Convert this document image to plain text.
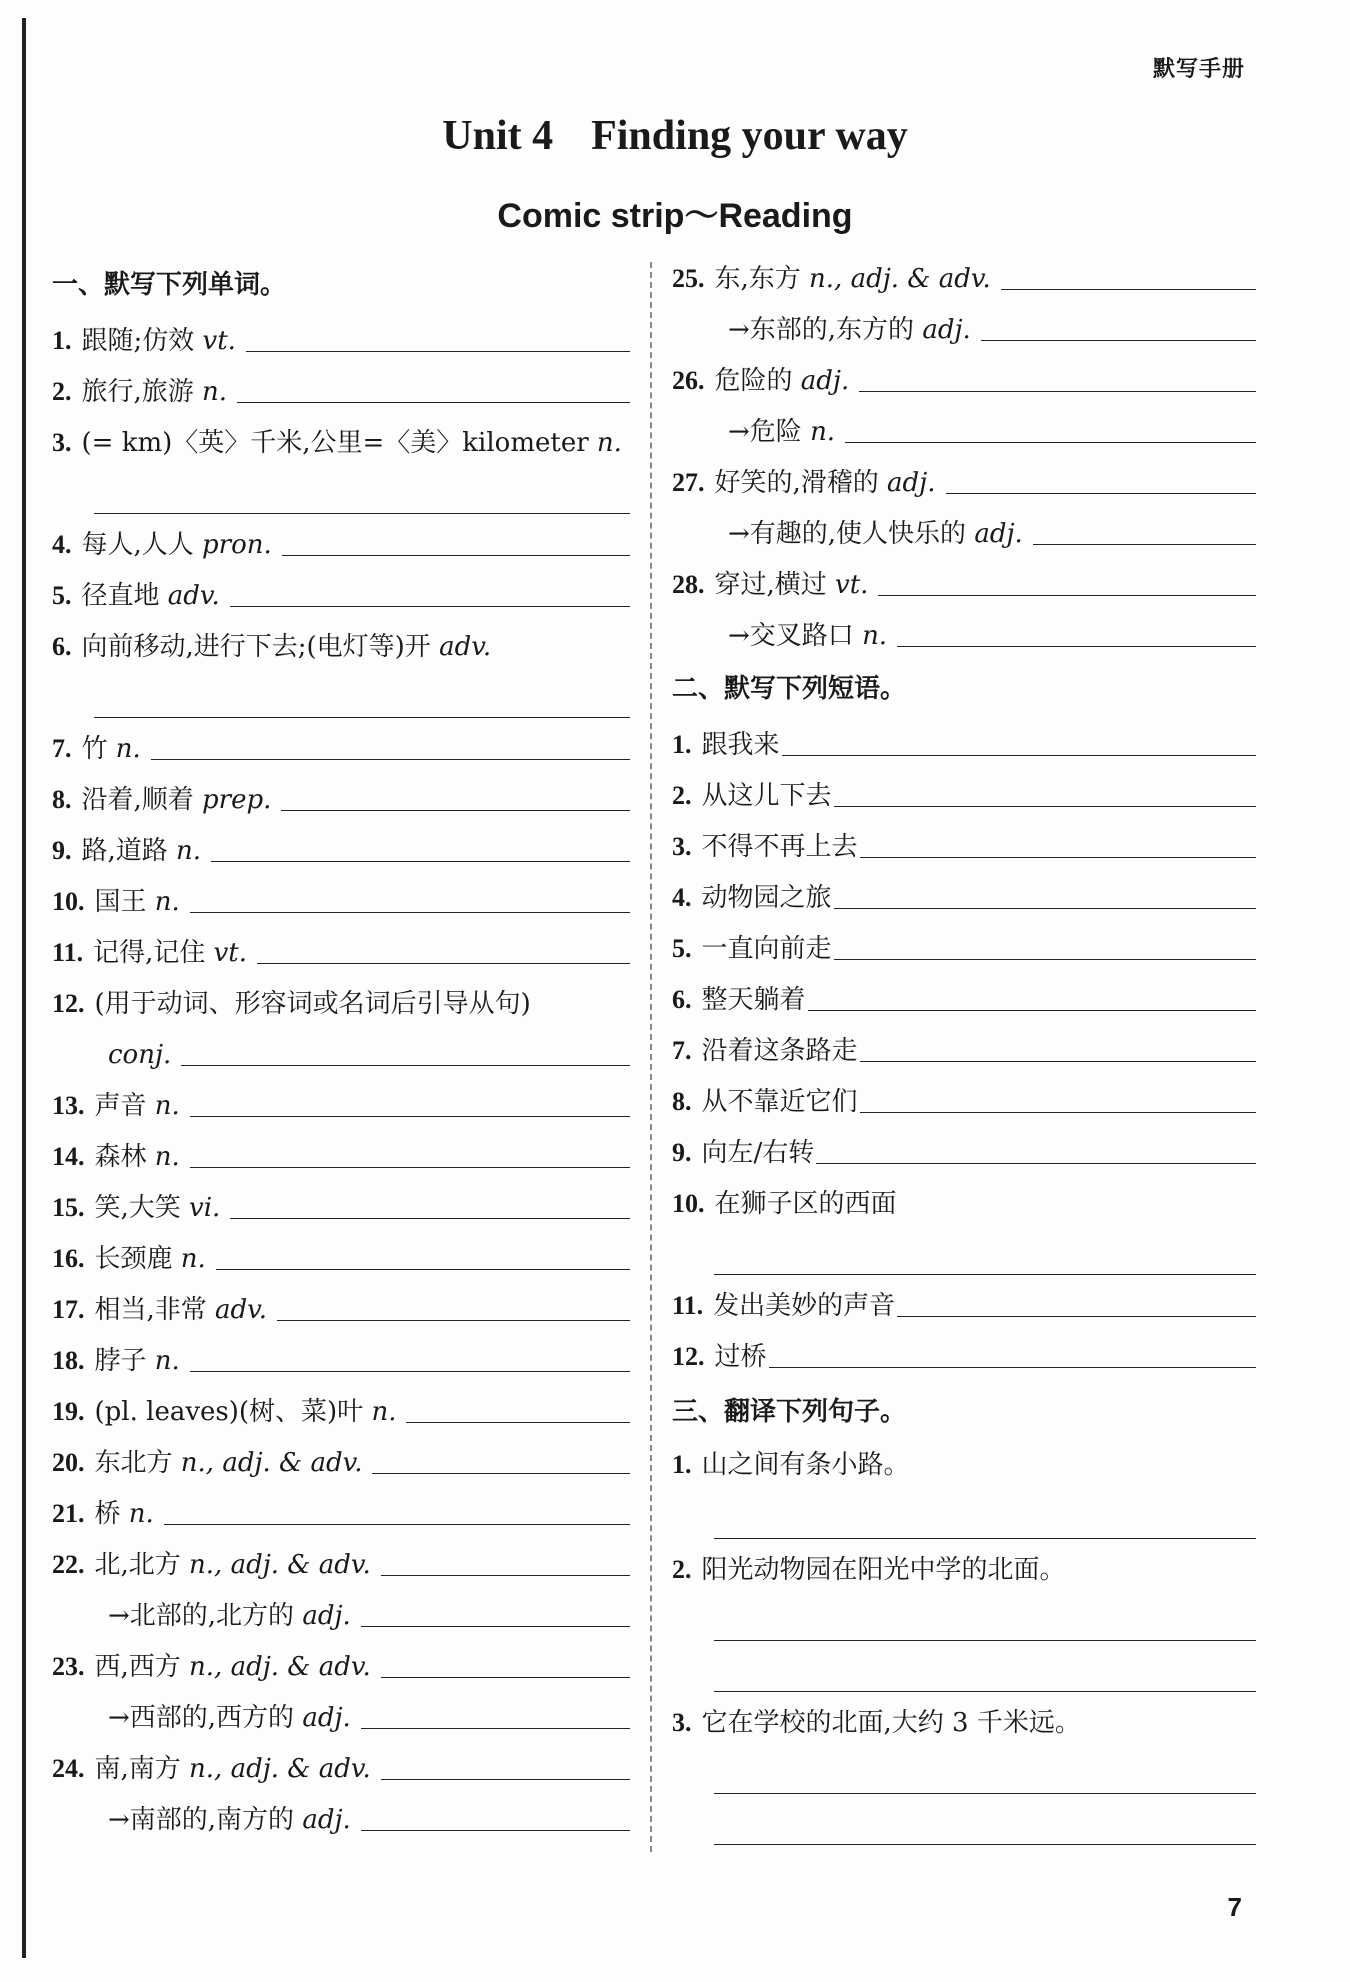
默写手册
Unit 4 Finding your way
Comic strip～Reading
一、默写下列单词。
1. 跟随;仿效
vt.
2. 旅行,旅游
n.
3. (= km)〈英〉千米,公里=〈美〉kilometer
n.
4. 每人,人人
pron.
5. 径直地
adv.
6. 向前移动,进行下去;(电灯等)开
adv.
7. 竹
n.
8. 沿着,顺着
prep.
9. 路,道路
n.
10. 国王
n.
11. 记得,记住
vt.
12. (用于动词、形容词或名词后引导从句)
conj.
13. 声音
n.
14. 森林
n.
15. 笑,大笑
vi.
16. 长颈鹿
n.
17. 相当,非常
adv.
18. 脖子
n.
19. (pl. leaves)(树、菜)叶
n.
20. 东北方
n., adj. & adv.
21. 桥
n.
22. 北,北方
n., adj. & adv.
→北部的,北方的
adj.
23. 西,西方
n., adj. & adv.
→西部的,西方的
adj.
24. 南,南方
n., adj. & adv.
→南部的,南方的
adj.
25. 东,东方
n., adj. & adv.
→东部的,东方的
adj.
26. 危险的
adj.
→危险
n.
27. 好笑的,滑稽的
adj.
→有趣的,使人快乐的
adj.
28. 穿过,横过
vt.
→交叉路口
n.
二、默写下列短语。
1. 跟我来
2. 从这儿下去
3. 不得不再上去
4. 动物园之旅
5. 一直向前走
6. 整天躺着
7. 沿着这条路走
8. 从不靠近它们
9. 向左/右转
10. 在狮子区的西面
11. 发出美妙的声音
12. 过桥
三、翻译下列句子。
1. 山之间有条小路。
2. 阳光动物园在阳光中学的北面。
3. 它在学校的北面,大约 3 千米远。
7
